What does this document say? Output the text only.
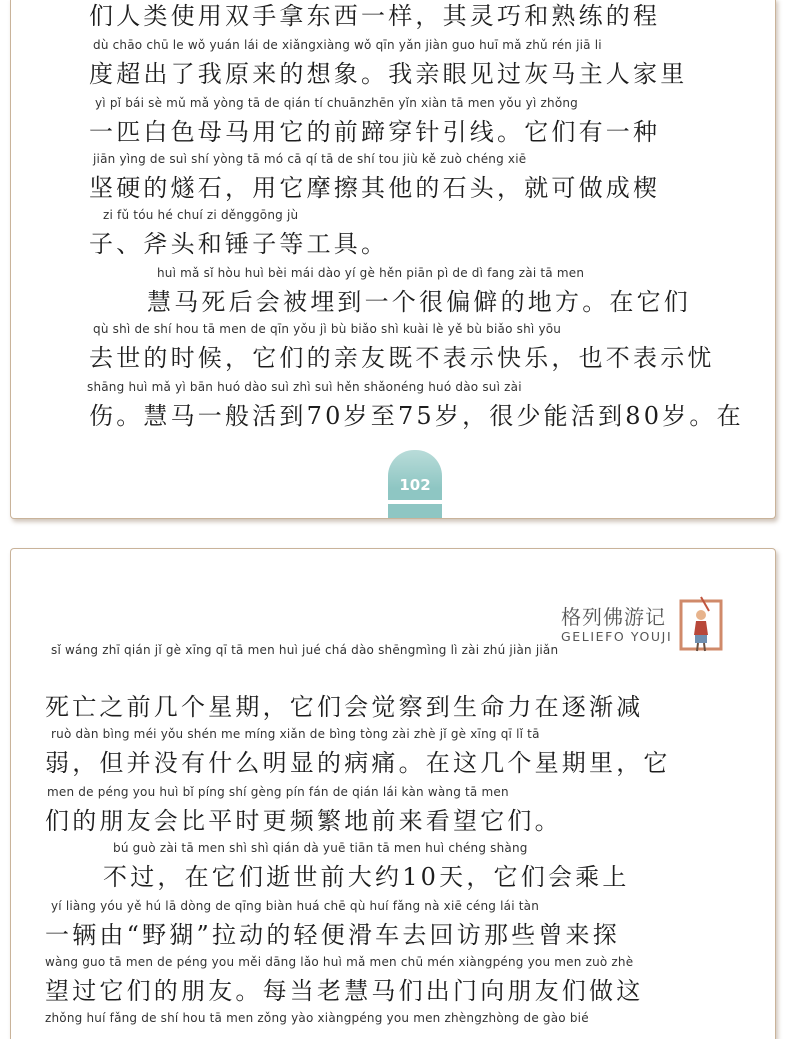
们人类使用双手拿东西一样，其灵巧和熟练的程
dù chāo chū le wǒ yuán lái de xiǎngxiàng wǒ qīn yǎn jiàn guo huī mǎ zhǔ rén jiā li
度超出了我原来的想象。我亲眼见过灰马主人家里
yì pǐ bái sè mǔ mǎ yòng tā de qián tí chuānzhēn yǐn xiàn tā men yǒu yì zhǒng
一匹白色母马用它的前蹄穿针引线。它们有一种
jiān yìng de suì shí yòng tā mó cā qí tā de shí tou jiù kě zuò chéng xiē
坚硬的燧石，用它摩擦其他的石头，就可做成楔
zi fǔ tóu hé chuí zi děnggōng jù
子、斧头和锤子等工具。
huì mǎ sǐ hòu huì bèi mái dào yí gè hěn piān pì de dì fang zài tā men
慧马死后会被埋到一个很偏僻的地方。在它们
qù shì de shí hou tā men de qīn yǒu jì bù biǎo shì kuài lè yě bù biǎo shì yōu
去世的时候，它们的亲友既不表示快乐，也不表示忧
shāng huì mǎ yì bān huó dào suì zhì suì hěn shǎonéng huó dào suì zài
伤。慧马一般活到70岁至75岁，很少能活到80岁。在
102
格列佛游记
GELIEFO YOUJI
sǐ wáng zhī qián jǐ gè xīng qī tā men huì jué chá dào shēngmìng lì zài zhú jiàn jiǎn
死亡之前几个星期，它们会觉察到生命力在逐渐减
ruò dàn bìng méi yǒu shén me míng xiǎn de bìng tòng zài zhè jǐ gè xīng qī lǐ tā
弱，但并没有什么明显的病痛。在这几个星期里，它
men de péng you huì bǐ píng shí gèng pín fán de qián lái kàn wàng tā men
们的朋友会比平时更频繁地前来看望它们。
bú guò zài tā men shì shì qián dà yuē tiān tā men huì chéng shàng
不过，在它们逝世前大约10天，它们会乘上
yí liàng yóu yě hú lā dòng de qīng biàn huá chē qù huí fǎng nà xiē céng lái tàn
一辆由“野猢”拉动的轻便滑车去回访那些曾来探
wàng guo tā men de péng you měi dāng lǎo huì mǎ men chū mén xiàngpéng you men zuò zhè
望过它们的朋友。每当老慧马们出门向朋友们做这
zhǒng huí fǎng de shí hou tā men zǒng yào xiàngpéng you men zhèngzhòng de gào bié
